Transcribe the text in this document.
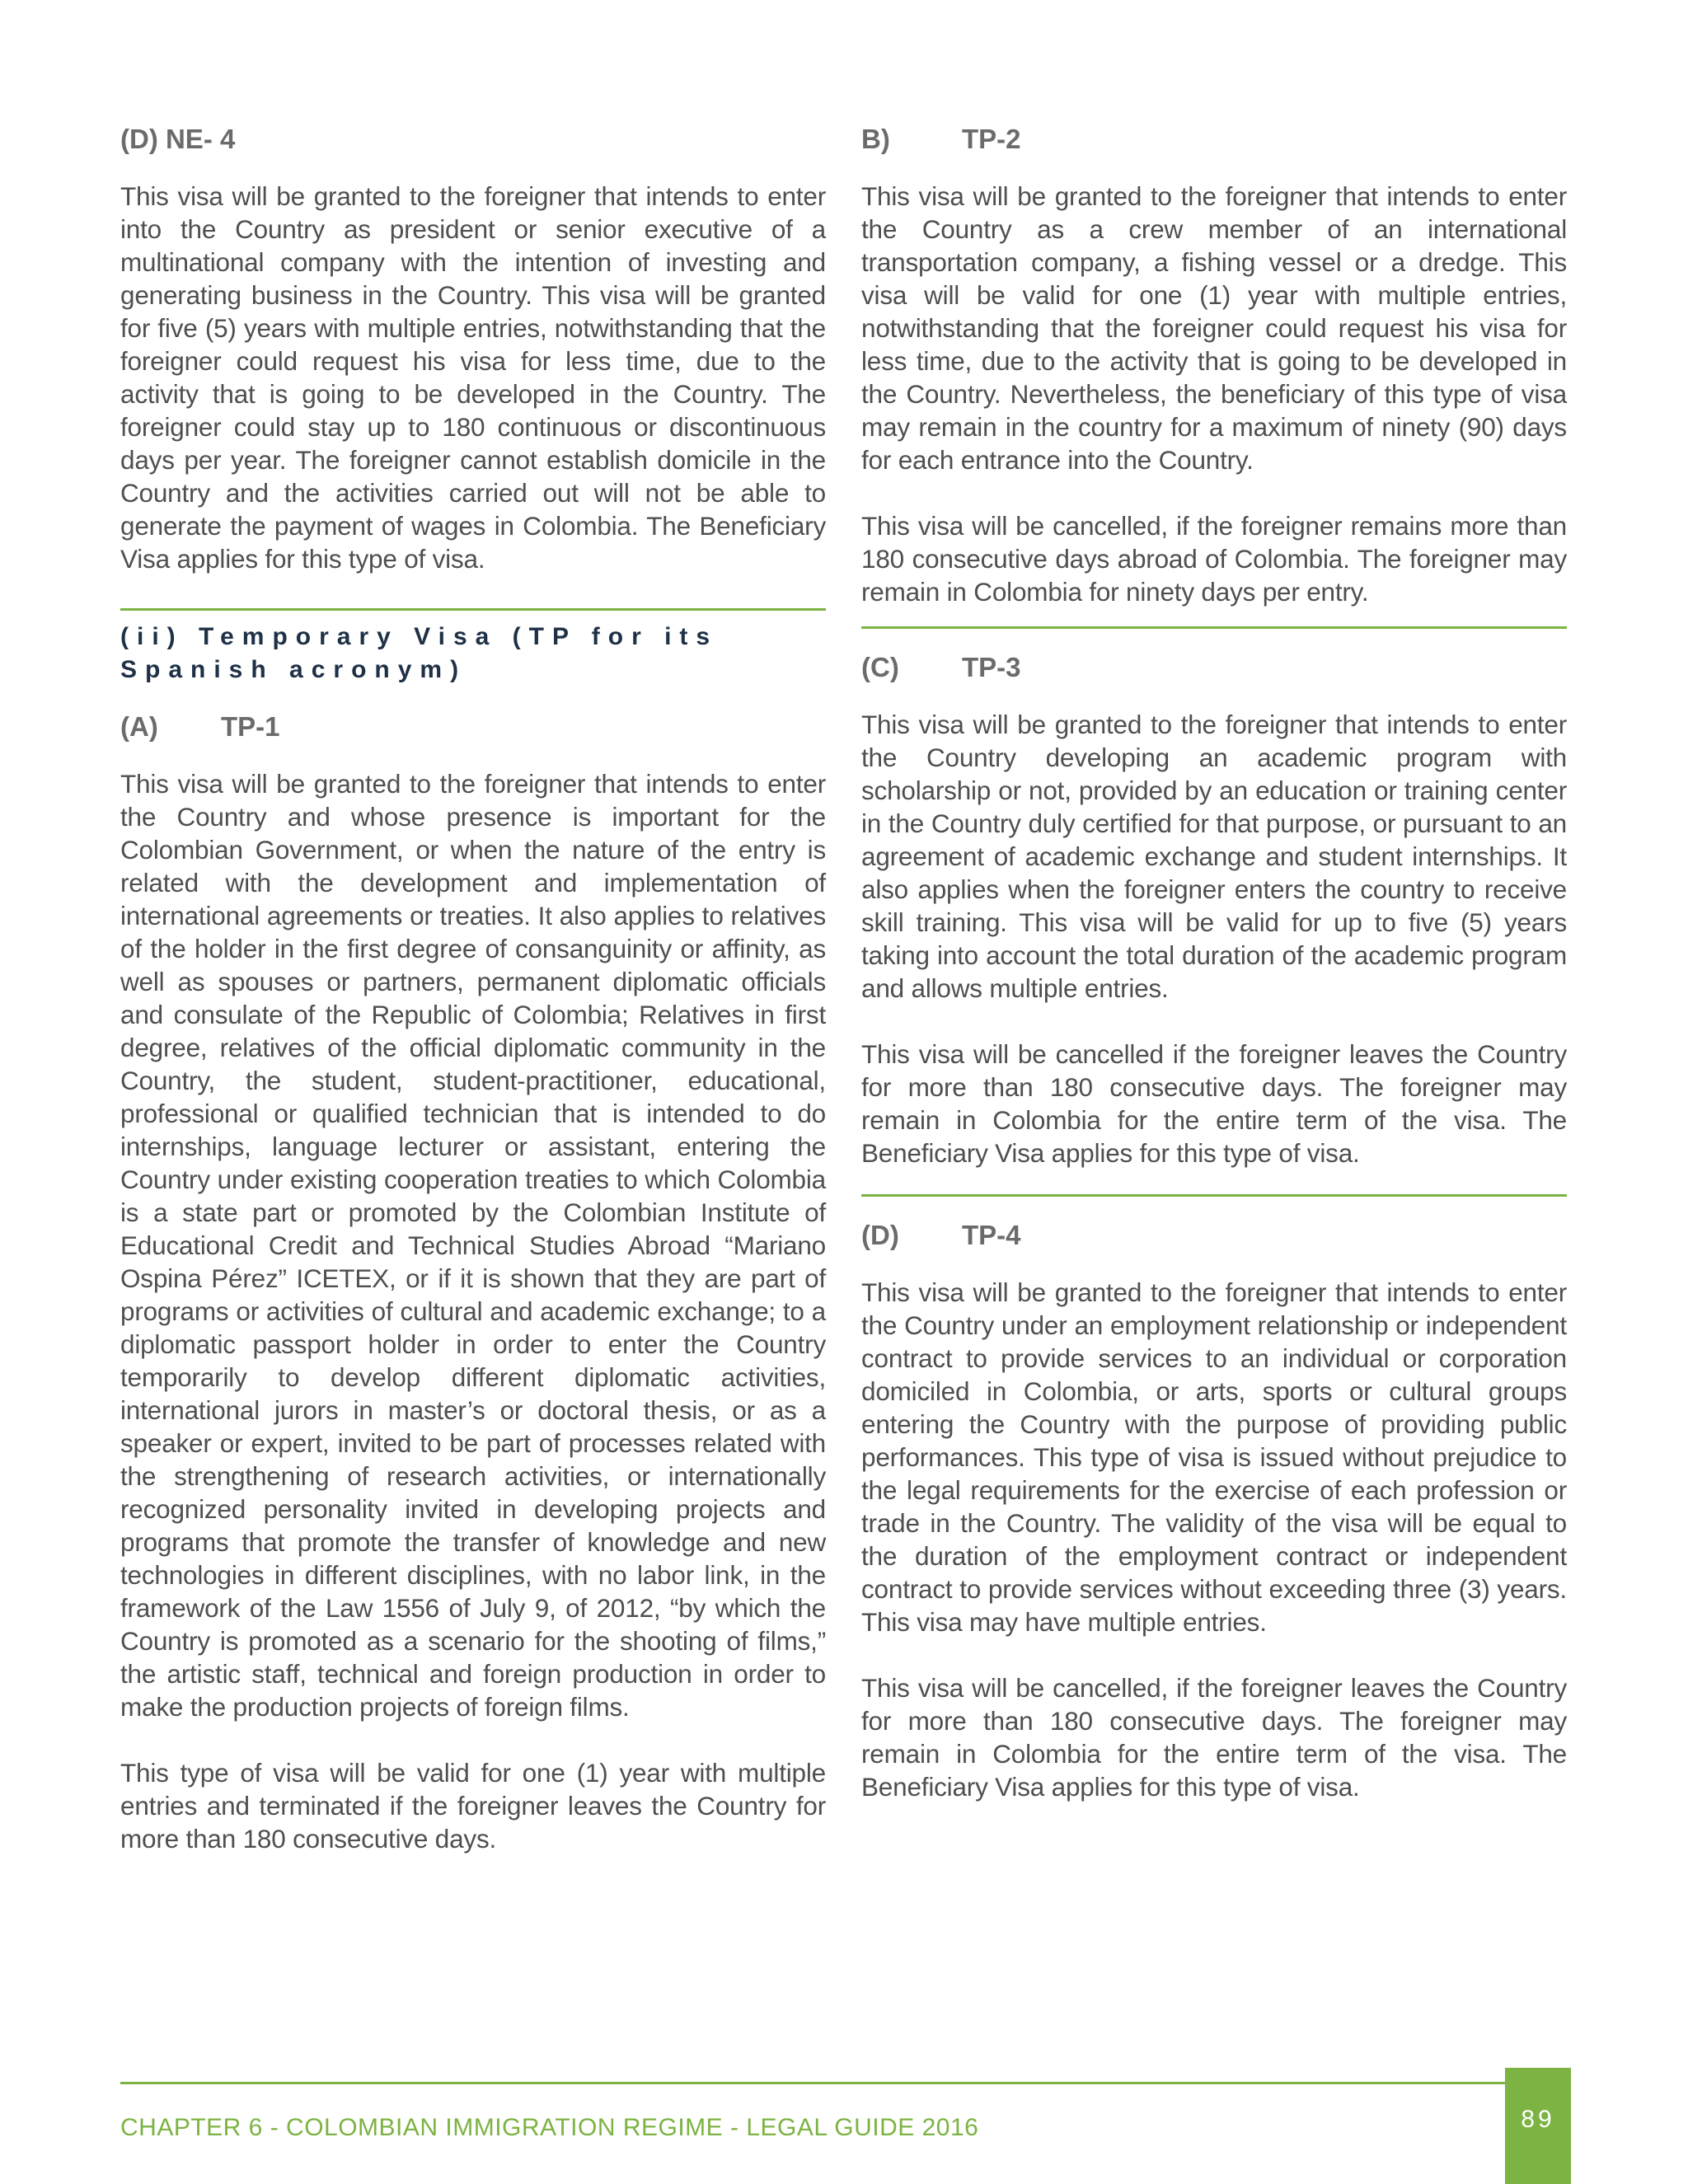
(D) NE- 4

This visa will be granted to the foreigner that intends to enter into the Country as president or senior executive of a multinational company with the intention of investing and generating business in the Country. This visa will be granted for five (5) years with multiple entries, notwithstanding that the foreigner could request his visa for less time, due to the activity that is going to be developed in the Country. The foreigner could stay up to 180 continuous or discontinuous days per year. The foreigner cannot establish domicile in the Country and the activities carried out will not be able to generate the payment of wages in Colombia. The Beneficiary Visa applies for this type of visa.

(ii) Temporary Visa (TP for its Spanish acronym)
(A) TP-1

This visa will be granted to the foreigner that intends to enter the Country and whose presence is important for the Colombian Government, or when the nature of the entry is related with the development and implementation of international agreements or treaties. It also applies to relatives of the holder in the first degree of consanguinity or affinity, as well as spouses or partners, permanent diplomatic officials and consulate of the Republic of Colombia; Relatives in first degree, relatives of the official diplomatic community in the Country, the student, student-practitioner, educational, professional or qualified technician that is intended to do internships, language lecturer or assistant, entering the Country under existing cooperation treaties to which Colombia is a state part or promoted by the Colombian Institute of Educational Credit and Technical Studies Abroad “Mariano Ospina Pérez” ICETEX, or if it is shown that they are part of programs or activities of cultural and academic exchange; to a diplomatic passport holder in order to enter the Country temporarily to develop different diplomatic activities, international jurors in master’s or doctoral thesis, or as a speaker or expert, invited to be part of processes related with the strengthening of research activities, or internationally recognized personality invited in developing projects and programs that promote the transfer of knowledge and new technologies in different disciplines, with no labor link, in the framework of the Law 1556 of July 9, of 2012, “by which the Country is promoted as a scenario for the shooting of films,” the artistic staff, technical and foreign production in order to make the production projects of foreign films.

This type of visa will be valid for one (1) year with multiple entries and terminated if the foreigner leaves the Country for more than 180 consecutive days.

B)	TP-2

This visa will be granted to the foreigner that intends to enter the Country as a crew member of an international transportation company, a fishing vessel or a dredge. This visa will be valid for one (1) year with multiple entries, notwithstanding that the foreigner could request his visa for less time, due to the activity that is going to be developed in the Country. Nevertheless, the beneficiary of this type of visa may remain in the country for a maximum of ninety (90) days for each entrance into the Country.

This visa will be cancelled, if the foreigner remains more than 180 consecutive days abroad of Colombia. The foreigner may remain in Colombia for ninety days per entry.

(C) TP-3

This visa will be granted to the foreigner that intends to enter the Country developing an academic program with scholarship or not, provided by an education or training center in the Country duly certified for that purpose, or pursuant to an agreement of academic exchange and student internships. It also applies when the foreigner enters the country to receive skill training. This visa will be valid for up to five (5) years taking into account the total duration of the academic program and allows multiple entries.

This visa will be cancelled if the foreigner leaves the Country for more than 180 consecutive days. The foreigner may remain in Colombia for the entire term of the visa. The Beneficiary Visa applies for this type of visa.

(D) TP-4

This visa will be granted to the foreigner that intends to enter the Country under an employment relationship or independent contract to provide services to an individual or corporation domiciled in Colombia, or arts, sports or cultural groups entering the Country with the purpose of providing public performances. This type of visa is issued without prejudice to the legal requirements for the exercise of each profession or trade in the Country. The validity of the visa will be equal to the duration of the employment contract or independent contract to provide services without exceeding three (3) years. This visa may have multiple entries.

This visa will be cancelled, if the foreigner leaves the Country for more than 180 consecutive days. The foreigner may remain in Colombia for the entire term of the visa. The Beneficiary Visa applies for this type of visa.

CHAPTER 6 - COLOMBIAN IMMIGRATION REGIME - LEGAL GUIDE 2016	89
